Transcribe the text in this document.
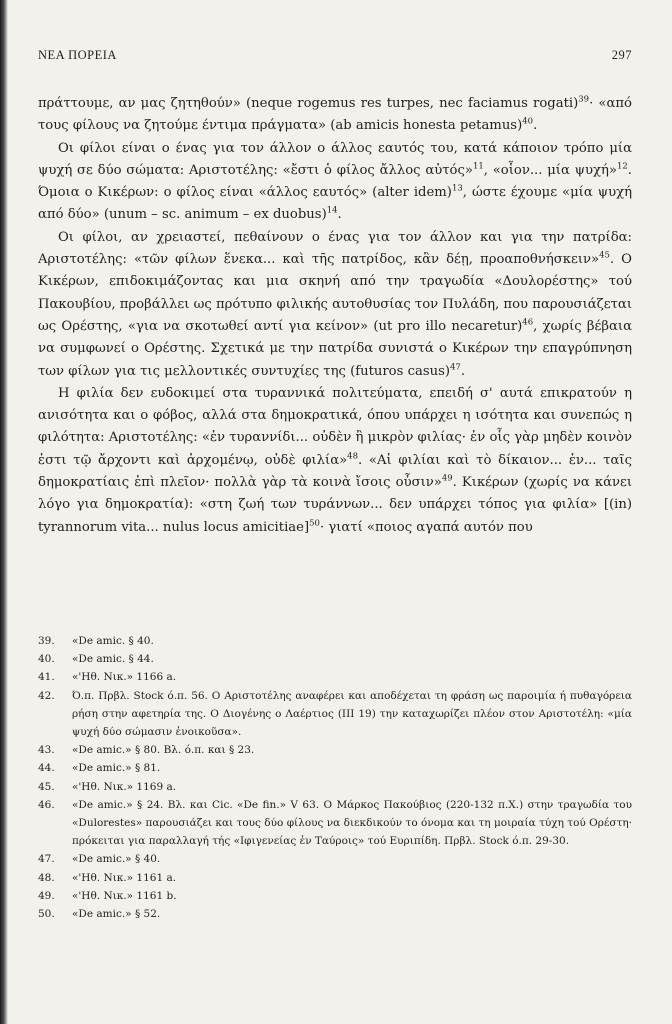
ΝΕΑ ΠΟΡΕΙΑ	297

πράττουμε, αν μας ζητηθούν» (neque rogemus res turpes, nec faciamus rogati)$^{39}$· «από τους φίλους να ζητούμε έντιμα πράγματα» (ab amicis honesta petamus)$^{40}$.

Οι φίλοι είναι ο ένας για τον άλλον ο άλλος εαυτός του, κατά κάποιον τρόπο μία ψυχή σε δύο σώματα: Αριστοτέλης: «ἔστι ὁ φίλος ἄλλος αὐτός»$^{11}$, «οἷον... μία ψυχή»$^{12}$. Όμοια ο Κικέρων: ο φίλος είναι «άλλος εαυτός» (alter idem)$^{13}$, ώστε έχουμε «μία ψυχή από δύο» (unum – sc. animum – ex duobus)$^{14}$.

Οι φίλοι, αν χρειαστεί, πεθαίνουν ο ένας για τον άλλον και για την πατρίδα: Αριστοτέλης: «τῶν φίλων ἕνεκα... καὶ τῆς πατρίδος, κἂν δέῃ, προαποθνήσκειν»$^{45}$. Ο Κικέρων, επιδοκιμάζοντας και μια σκηνή από την τραγωδία «Δουλορέστης» τού Πακουβίου, προβάλλει ως πρότυπο φιλικής αυτοθυσίας τον Πυλάδη, που παρουσιάζεται ως Ορέστης, «για να σκοτωθεί αντί για κείνον» (ut pro illo necaretur)$^{46}$, χωρίς βέβαια να συμφωνεί ο Ορέστης. Σχετικά με την πατρίδα συνιστά ο Κικέρων την επαγρύπνηση των φίλων για τις μελλοντικές συντυχίες της (futuros casus)$^{47}$.

Η φιλία δεν ευδοκιμεί στα τυραννικά πολιτεύματα, επειδή σ' αυτά επικρατούν η ανισότητα και ο φόβος, αλλά στα δημοκρατικά, όπου υπάρχει η ισότητα και συνεπώς η φιλότητα: Αριστοτέλης: «ἐν τυραννίδι... οὐδὲν ἢ μικρὸν φιλίας· ἐν οἷς γὰρ μηδὲν κοινὸν ἐστι τῷ ἄρχοντι καὶ ἀρχομένῳ, οὐδὲ φιλία»$^{48}$. «Αἱ φιλίαι καὶ τὸ δίκαιον... ἐν... ταῖς δημοκρατίαις ἐπὶ πλεῖον· πολλὰ γὰρ τὰ κοινὰ ἴσοις οὖσιν»$^{49}$. Κικέρων (χωρίς να κάνει λόγο για δημοκρατία): «στη ζωή των τυράννων... δεν υπάρχει τόπος για φιλία» [(in) tyrannorum vita... nulus locus amicitiae]$^{50}$· γιατί «ποιος αγαπά αυτόν που

39.	«De amic. § 40.
40.	«De amic. § 44.
41.	«'Ηθ. Νικ.» 1166 a.
42.	Ό.π. Πρβλ. Stock ό.π. 56. Ο Αριστοτέλης αναφέρει και αποδέχεται τη φράση ως παροιμία ή πυθαγόρεια ρήση στην αφετηρία της. Ο Διογένης ο Λαέρτιος (III 19) την καταχωρίζει πλέον στον Αριστοτέλη: «μία ψυχή δύο σώμασιν ἐνοικοῦσα».
43.	«De amic.» § 80. Βλ. ό.π. και § 23.
44.	«De amic.» § 81.
45.	«'Ηθ. Νικ.» 1169 a.
46.	«De amic.» § 24. Βλ. και Cic. «De fin.» V 63. Ο Μάρκος Πακούβιος (220-132 π.Χ.) στην τραγωδία του «Dulorestes» παρουσιάζει και τους δύο φίλους να διεκδικούν το όνομα και τη μοιραία τύχη τού Ορέστη· πρόκειται για παραλλαγή τής «Ιφιγενείας ἐν Ταύροις» τού Ευριπίδη. Πρβλ. Stock ό.π. 29-30.
47.	«De amic.» § 40.
48.	«'Ηθ. Νικ.» 1161 a.
49.	«'Ηθ. Νικ.» 1161 b.
50.	«De amic.» § 52.
